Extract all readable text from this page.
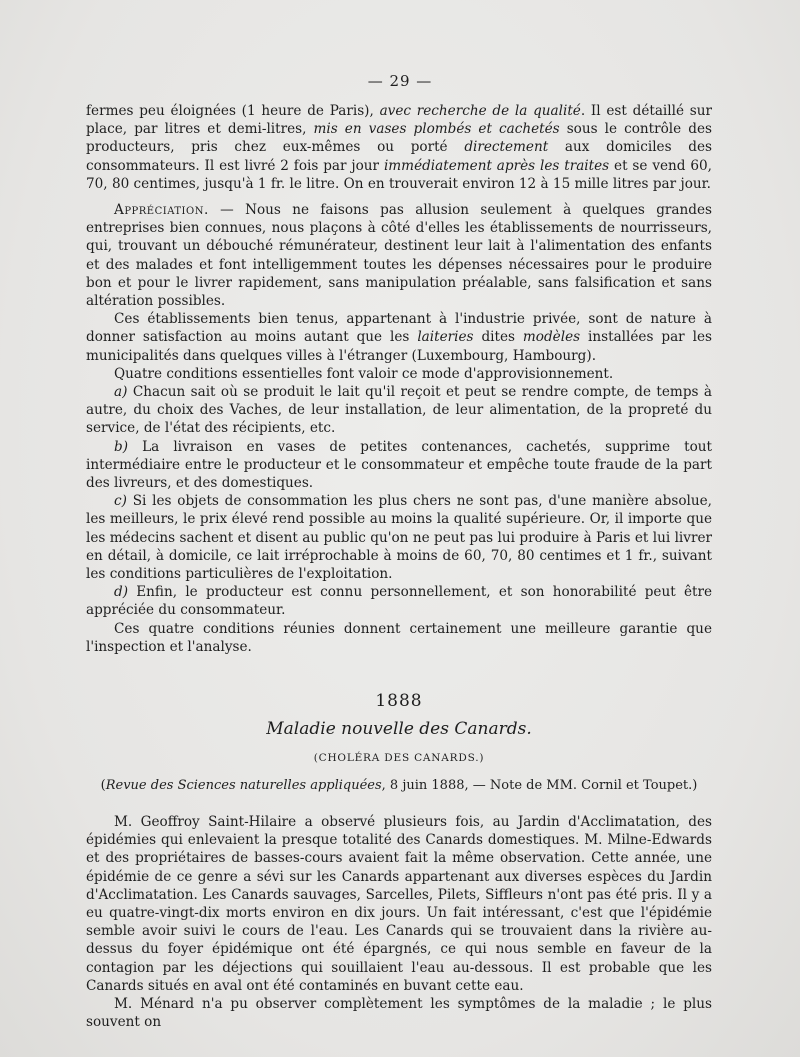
— 29 —

fermes peu éloignées (1 heure de Paris), avec recherche de la qualité. Il est détaillé sur place, par litres et demi-litres, mis en vases plombés et cachetés sous le contrôle des producteurs, pris chez eux-mêmes ou porté directement aux domiciles des consommateurs. Il est livré 2 fois par jour immédiatement après les traites et se vend 60, 70, 80 centimes, jusqu'à 1 fr. le litre. On en trouverait environ 12 à 15 mille litres par jour.

Appréciation. — Nous ne faisons pas allusion seulement à quelques grandes entreprises bien connues, nous plaçons à côté d'elles les établissements de nourrisseurs, qui, trouvant un débouché rémunérateur, destinent leur lait à l'alimentation des enfants et des malades et font intelligemment toutes les dépenses nécessaires pour le produire bon et pour le livrer rapidement, sans manipulation préalable, sans falsification et sans altération possibles.

Ces établissements bien tenus, appartenant à l'industrie privée, sont de nature à donner satisfaction au moins autant que les laiteries dites modèles installées par les municipalités dans quelques villes à l'étranger (Luxembourg, Hambourg).

Quatre conditions essentielles font valoir ce mode d'approvisionnement.

a) Chacun sait où se produit le lait qu'il reçoit et peut se rendre compte, de temps à autre, du choix des Vaches, de leur installation, de leur alimentation, de la propreté du service, de l'état des récipients, etc.

b) La livraison en vases de petites contenances, cachetés, supprime tout intermédiaire entre le producteur et le consommateur et empêche toute fraude de la part des livreurs, et des domestiques.

c) Si les objets de consommation les plus chers ne sont pas, d'une manière absolue, les meilleurs, le prix élevé rend possible au moins la qualité supérieure. Or, il importe que les médecins sachent et disent au public qu'on ne peut pas lui produire à Paris et lui livrer en détail, à domicile, ce lait irréprochable à moins de 60, 70, 80 centimes et 1 fr., suivant les conditions particulières de l'exploitation.

d) Enfin, le producteur est connu personnellement, et son honorabilité peut être appréciée du consommateur.

Ces quatre conditions réunies donnent certainement une meilleure garantie que l'inspection et l'analyse.

1888
Maladie nouvelle des Canards.
(CHOLÉRA DES CANARDS.)
(Revue des Sciences naturelles appliquées, 8 juin 1888, — Note de MM. Cornil et Toupet.)

M. Geoffroy Saint-Hilaire a observé plusieurs fois, au Jardin d'Acclimatation, des épidémies qui enlevaient la presque totalité des Canards domestiques. M. Milne-Edwards et des propriétaires de basses-cours avaient fait la même observation. Cette année, une épidémie de ce genre a sévi sur les Canards appartenant aux diverses espèces du Jardin d'Acclimatation. Les Canards sauvages, Sarcelles, Pilets, Siffleurs n'ont pas été pris. Il y a eu quatre-vingt-dix morts environ en dix jours. Un fait intéressant, c'est que l'épidémie semble avoir suivi le cours de l'eau. Les Canards qui se trouvaient dans la rivière au-dessus du foyer épidémique ont été épargnés, ce qui nous semble en faveur de la contagion par les déjections qui souillaient l'eau au-dessous. Il est probable que les Canards situés en aval ont été contaminés en buvant cette eau.

M. Ménard n'a pu observer complètement les symptômes de la maladie ; le plus souvent on
